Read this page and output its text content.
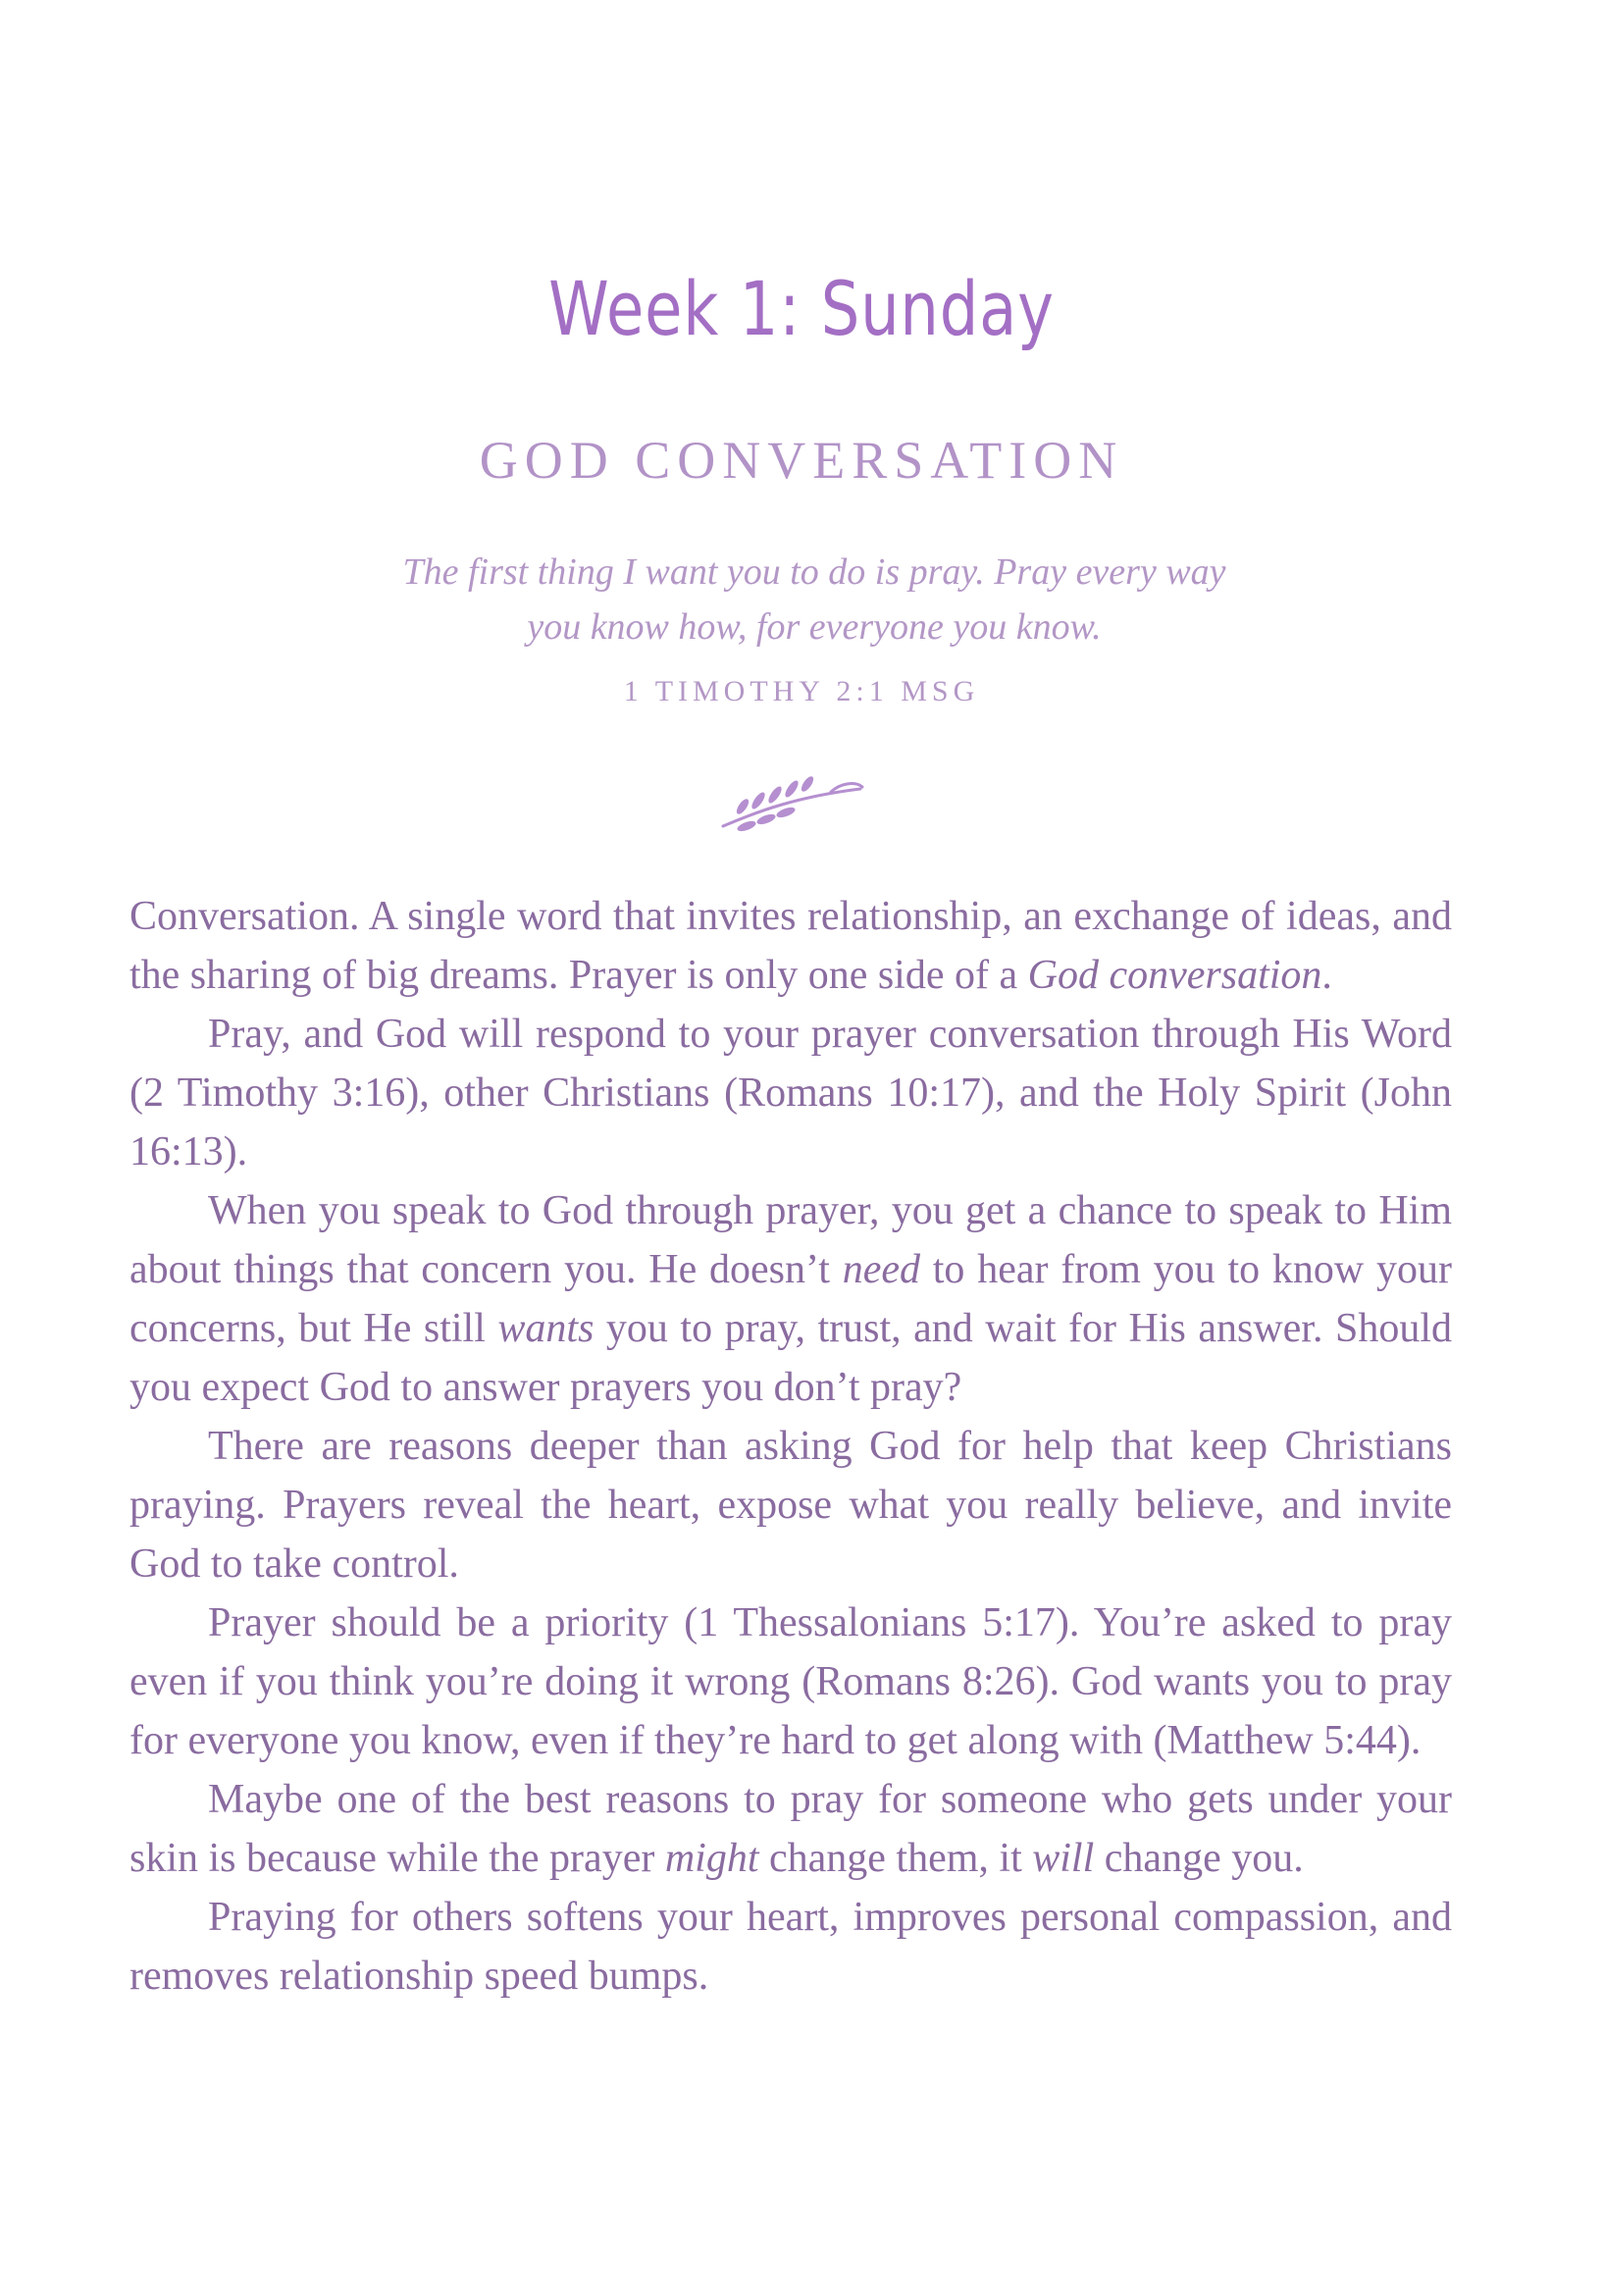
Week 1: Sunday
GOD CONVERSATION
The first thing I want you to do is pray. Pray every way
you know how, for everyone you know.
1 TIMOTHY 2:1 MSG

Conversation. A single word that invites relationship, an exchange of ideas, and the sharing of big dreams. Prayer is only one side of a God conversation.

Pray, and God will respond to your prayer conversation through His Word (2 Timothy 3:16), other Christians (Romans 10:17), and the Holy Spirit (John 16:13).

When you speak to God through prayer, you get a chance to speak to Him about things that concern you. He doesn’t need to hear from you to know your concerns, but He still wants you to pray, trust, and wait for His answer. Should you expect God to answer prayers you don’t pray?

There are reasons deeper than asking God for help that keep Christians praying. Prayers reveal the heart, expose what you really believe, and invite God to take control.

Prayer should be a priority (1 Thessalonians 5:17). You’re asked to pray even if you think you’re doing it wrong (Romans 8:26). God wants you to pray for everyone you know, even if they’re hard to get along with (Matthew 5:44).

Maybe one of the best reasons to pray for someone who gets under your skin is because while the prayer might change them, it will change you.

Praying for others softens your heart, improves personal compassion, and removes relationship speed bumps.
